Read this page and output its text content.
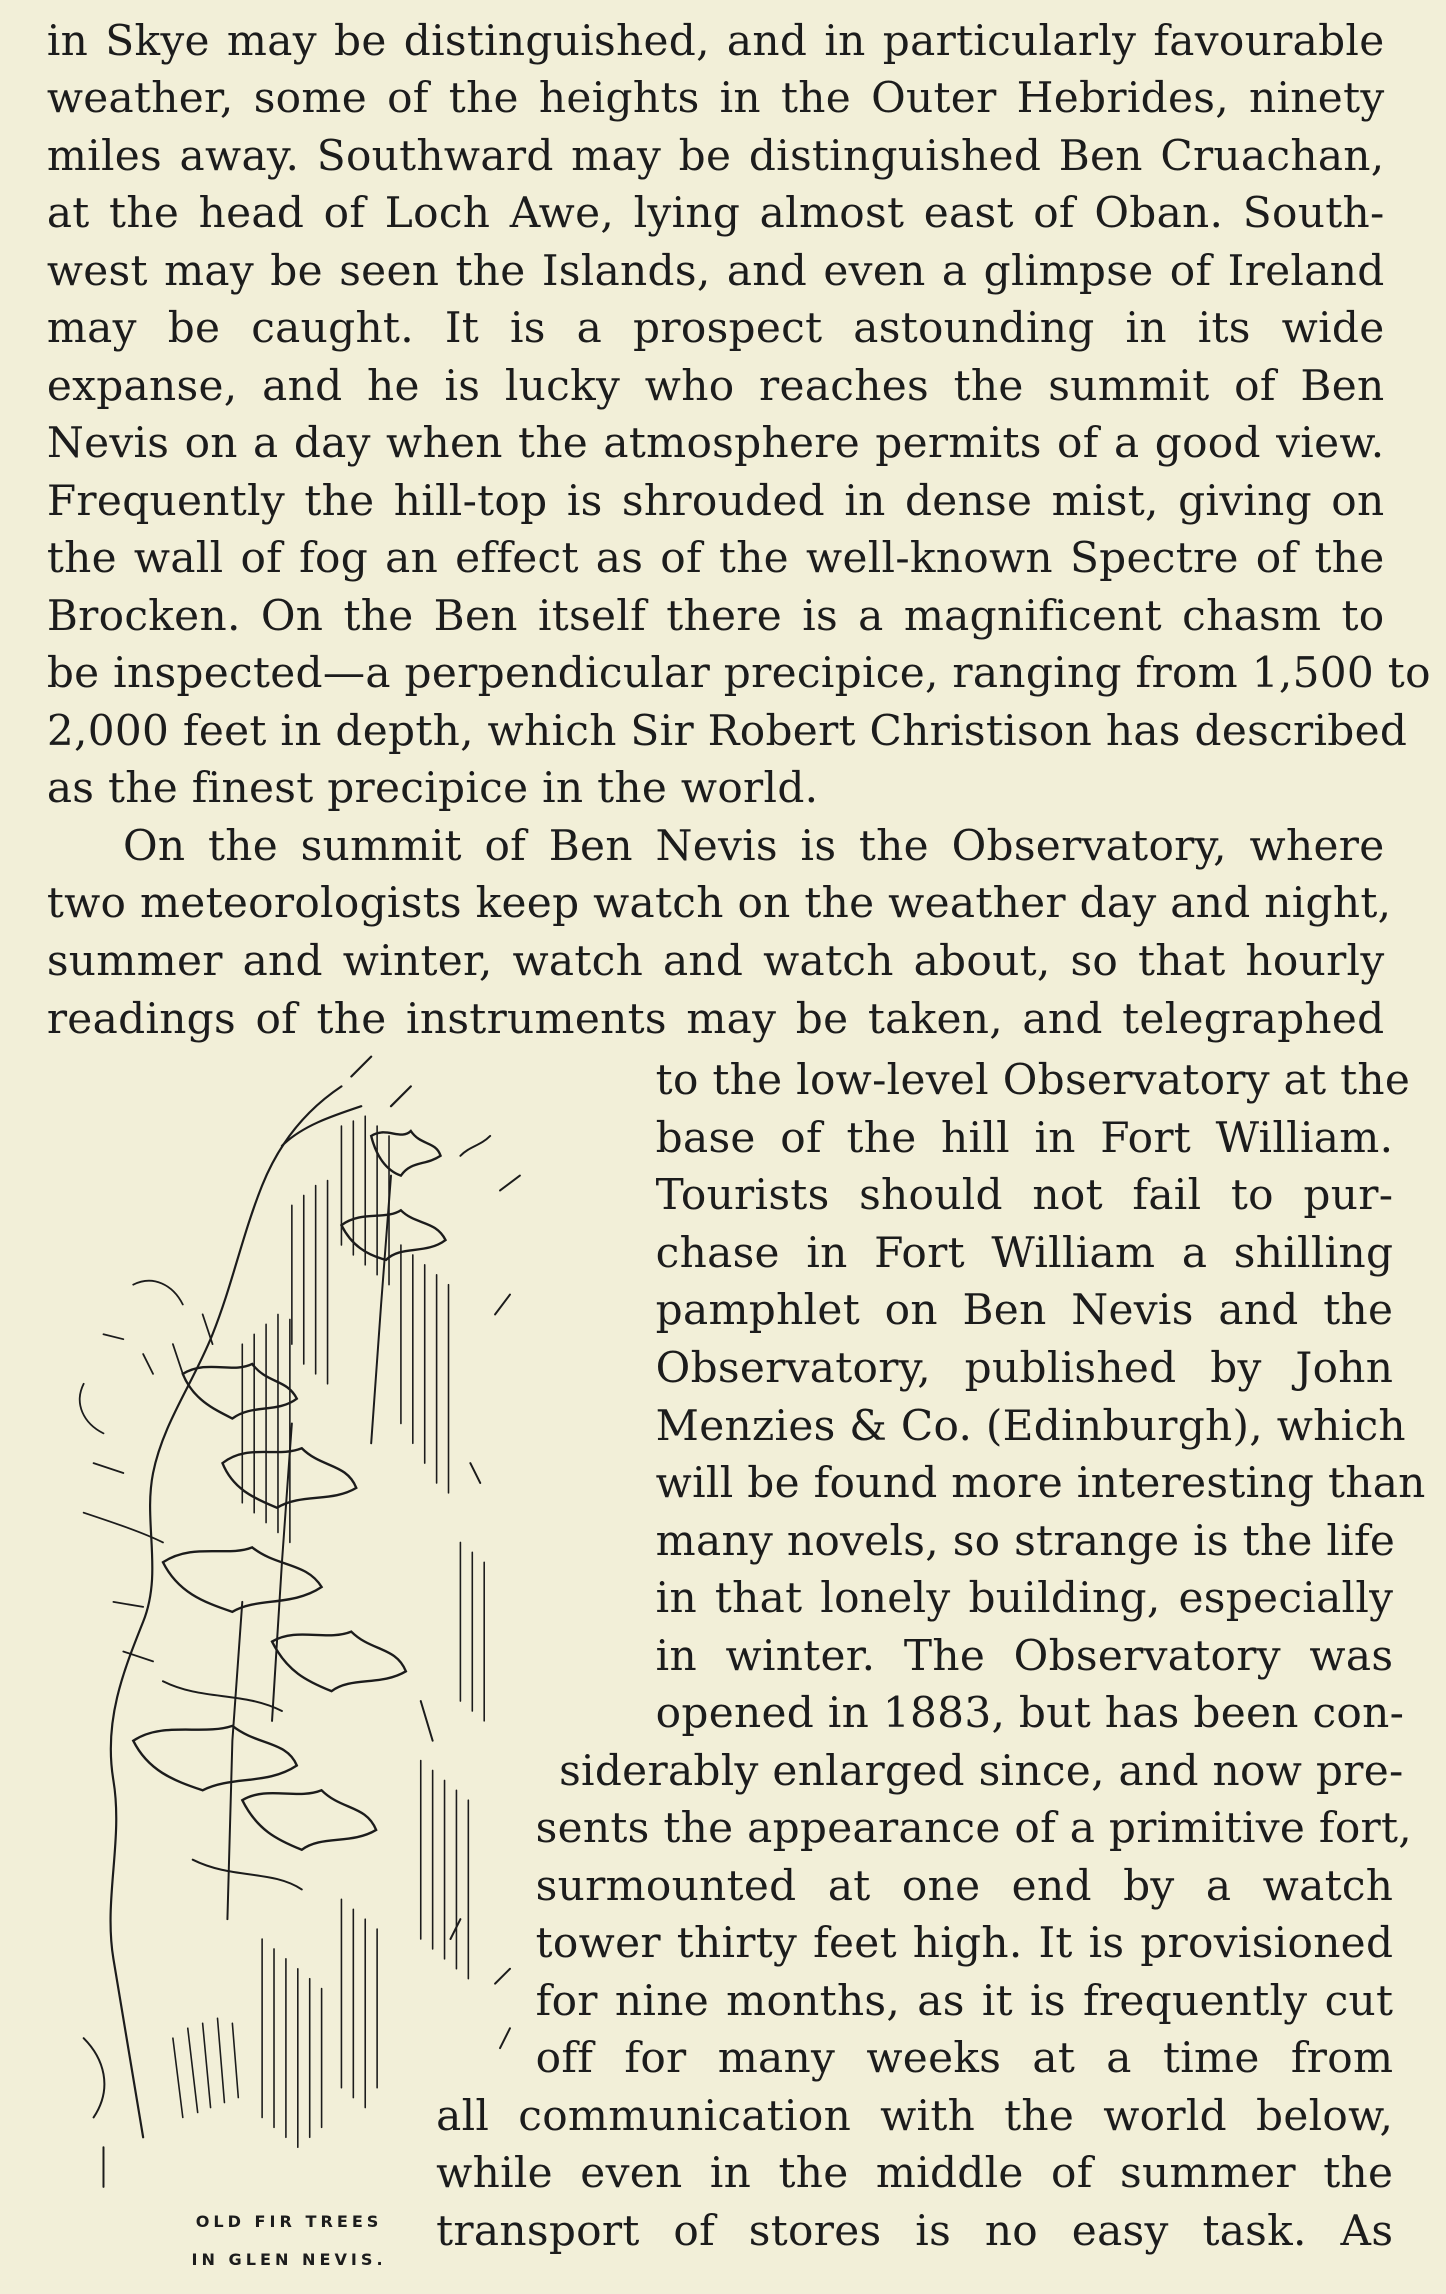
in Skye may be distinguished, and in particularly favourable
weather, some of the heights in the Outer Hebrides, ninety
miles away. Southward may be distinguished Ben Cruachan,
at the head of Loch Awe, lying almost east of Oban. South-
west may be seen the Islands, and even a glimpse of Ireland
may be caught. It is a prospect astounding in its wide
expanse, and he is lucky who reaches the summit of Ben
Nevis on a day when the atmosphere permits of a good view.
Frequently the hill-top is shrouded in dense mist, giving on
the wall of fog an effect as of the well-known Spectre of the
Brocken. On the Ben itself there is a magnificent chasm to
be inspected—a perpendicular precipice, ranging from 1,500 to
2,000 feet in depth, which Sir Robert Christison has described
as the finest precipice in the world.
On the summit of Ben Nevis is the Observatory, where
two meteorologists keep watch on the weather day and night,
summer and winter, watch and watch about, so that hourly
readings of the instruments may be taken, and telegraphed
to the low-level Observatory at the
base of the hill in Fort William.
Tourists should not fail to pur-
chase in Fort William a shilling
pamphlet on Ben Nevis and the
Observatory, published by John
Menzies & Co. (Edinburgh), which
will be found more interesting than
many novels, so strange is the life
in that lonely building, especially
in winter. The Observatory was
opened in 1883, but has been con-
siderably enlarged since, and now pre-
sents the appearance of a primitive fort,
surmounted at one end by a watch
tower thirty feet high. It is provisioned
for nine months, as it is frequently cut
off for many weeks at a time from
all communication with the world below,
while even in the middle of summer the
transport of stores is no easy task. As
OLD FIR TREES
IN GLEN NEVIS.
